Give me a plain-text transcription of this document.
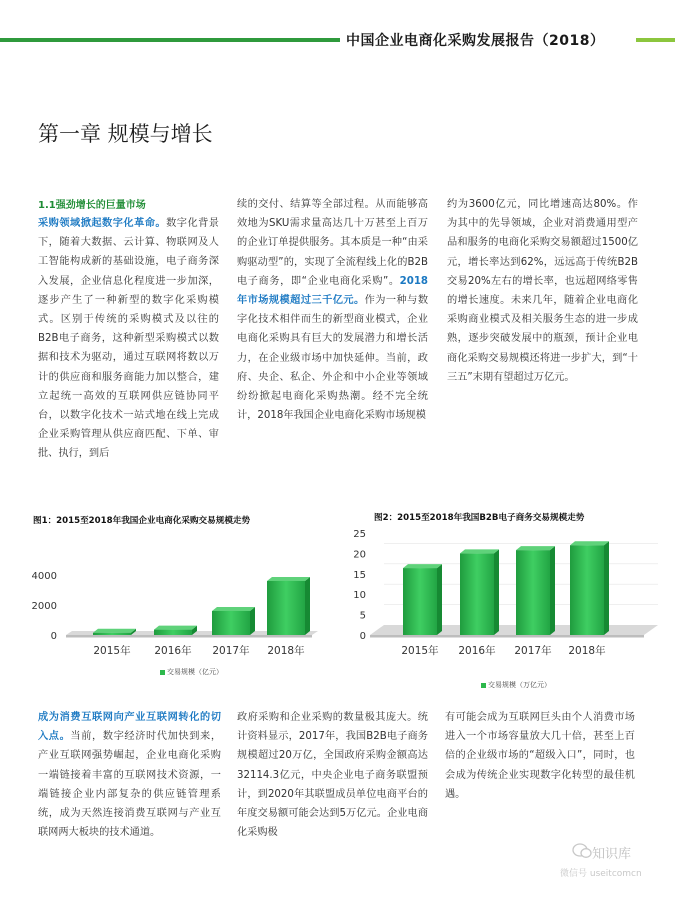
中国企业电商化采购发展报告（2018）
第一章 规模与增长
1.1强劲增长的巨量市场
采购领域掀起数字化革命。数字化背景下，随着大数据、云计算、物联网及人工智能构成新的基础设施，电子商务深入发展，企业信息化程度进一步加深，逐步产生了一种新型的数字化采购模式。区别于传统的采购模式及以往的B2B电子商务，这种新型采购模式以数据和技术为驱动，通过互联网将数以万计的供应商和服务商能力加以整合，建立起统一高效的互联网供应链协同平台，以数字化技术一站式地在线上完成企业采购管理从供应商匹配、下单、审批、执行，到后
续的交付、结算等全部过程。从而能够高效地为SKU需求量高达几十万甚至上百万的企业订单提供服务。其本质是一种“由采购驱动型”的，实现了全流程线上化的B2B电子商务，即“企业电商化采购”。2018年市场规模超过三千亿元。作为一种与数字化技术相伴而生的新型商业模式，企业电商化采购具有巨大的发展潜力和增长活力，在企业级市场中加快延伸。当前，政府、央企、私企、外企和中小企业等领域纷纷掀起电商化采购热潮。经不完全统计，2018年我国企业电商化采购市场规模
约为3600亿元，同比增速高达80%。作为其中的先导领域，企业对消费通用型产品和服务的电商化采购交易额超过1500亿元，增长率达到62%，远远高于传统B2B交易20%左右的增长率，也远超网络零售的增长速度。未来几年，随着企业电商化采购商业模式及相关服务生态的进一步成熟，逐步突破发展中的瓶颈，预计企业电商化采购交易规模还将进一步扩大，到“十三五”末期有望超过万亿元。
图1：2015至2018年我国企业电商化采购交易规模走势
0
2000
4000
2015年 2016年 2017年 2018年
交易规模（亿元）
图2：2015至2018年我国B2B电子商务交易规模走势
0
5
10
15
20
25
2015年 2016年 2017年 2018年
交易规模（万亿元）
成为消费互联网向产业互联网转化的切入点。当前，数字经济时代加快到来，产业互联网强势崛起，企业电商化采购一端链接着丰富的互联网技术资源，一端链接企业内部复杂的供应链管理系统，成为天然连接消费互联网与产业互联网两大板块的技术通道。
政府采购和企业采购的数量极其庞大。统计资料显示，2017年，我国B2B电子商务规模超过20万亿，全国政府采购金额高达32114.3亿元，中央企业电子商务联盟预计，到2020年其联盟成员单位电商平台的年度交易额可能会达到5万亿元。企业电商化采购极
有可能会成为互联网巨头由个人消费市场进入一个市场容量放大几十倍，甚至上百倍的企业级市场的“超级入口”，同时，也会成为传统企业实现数字化转型的最佳机遇。
知识库
微信号 useitcomcn
